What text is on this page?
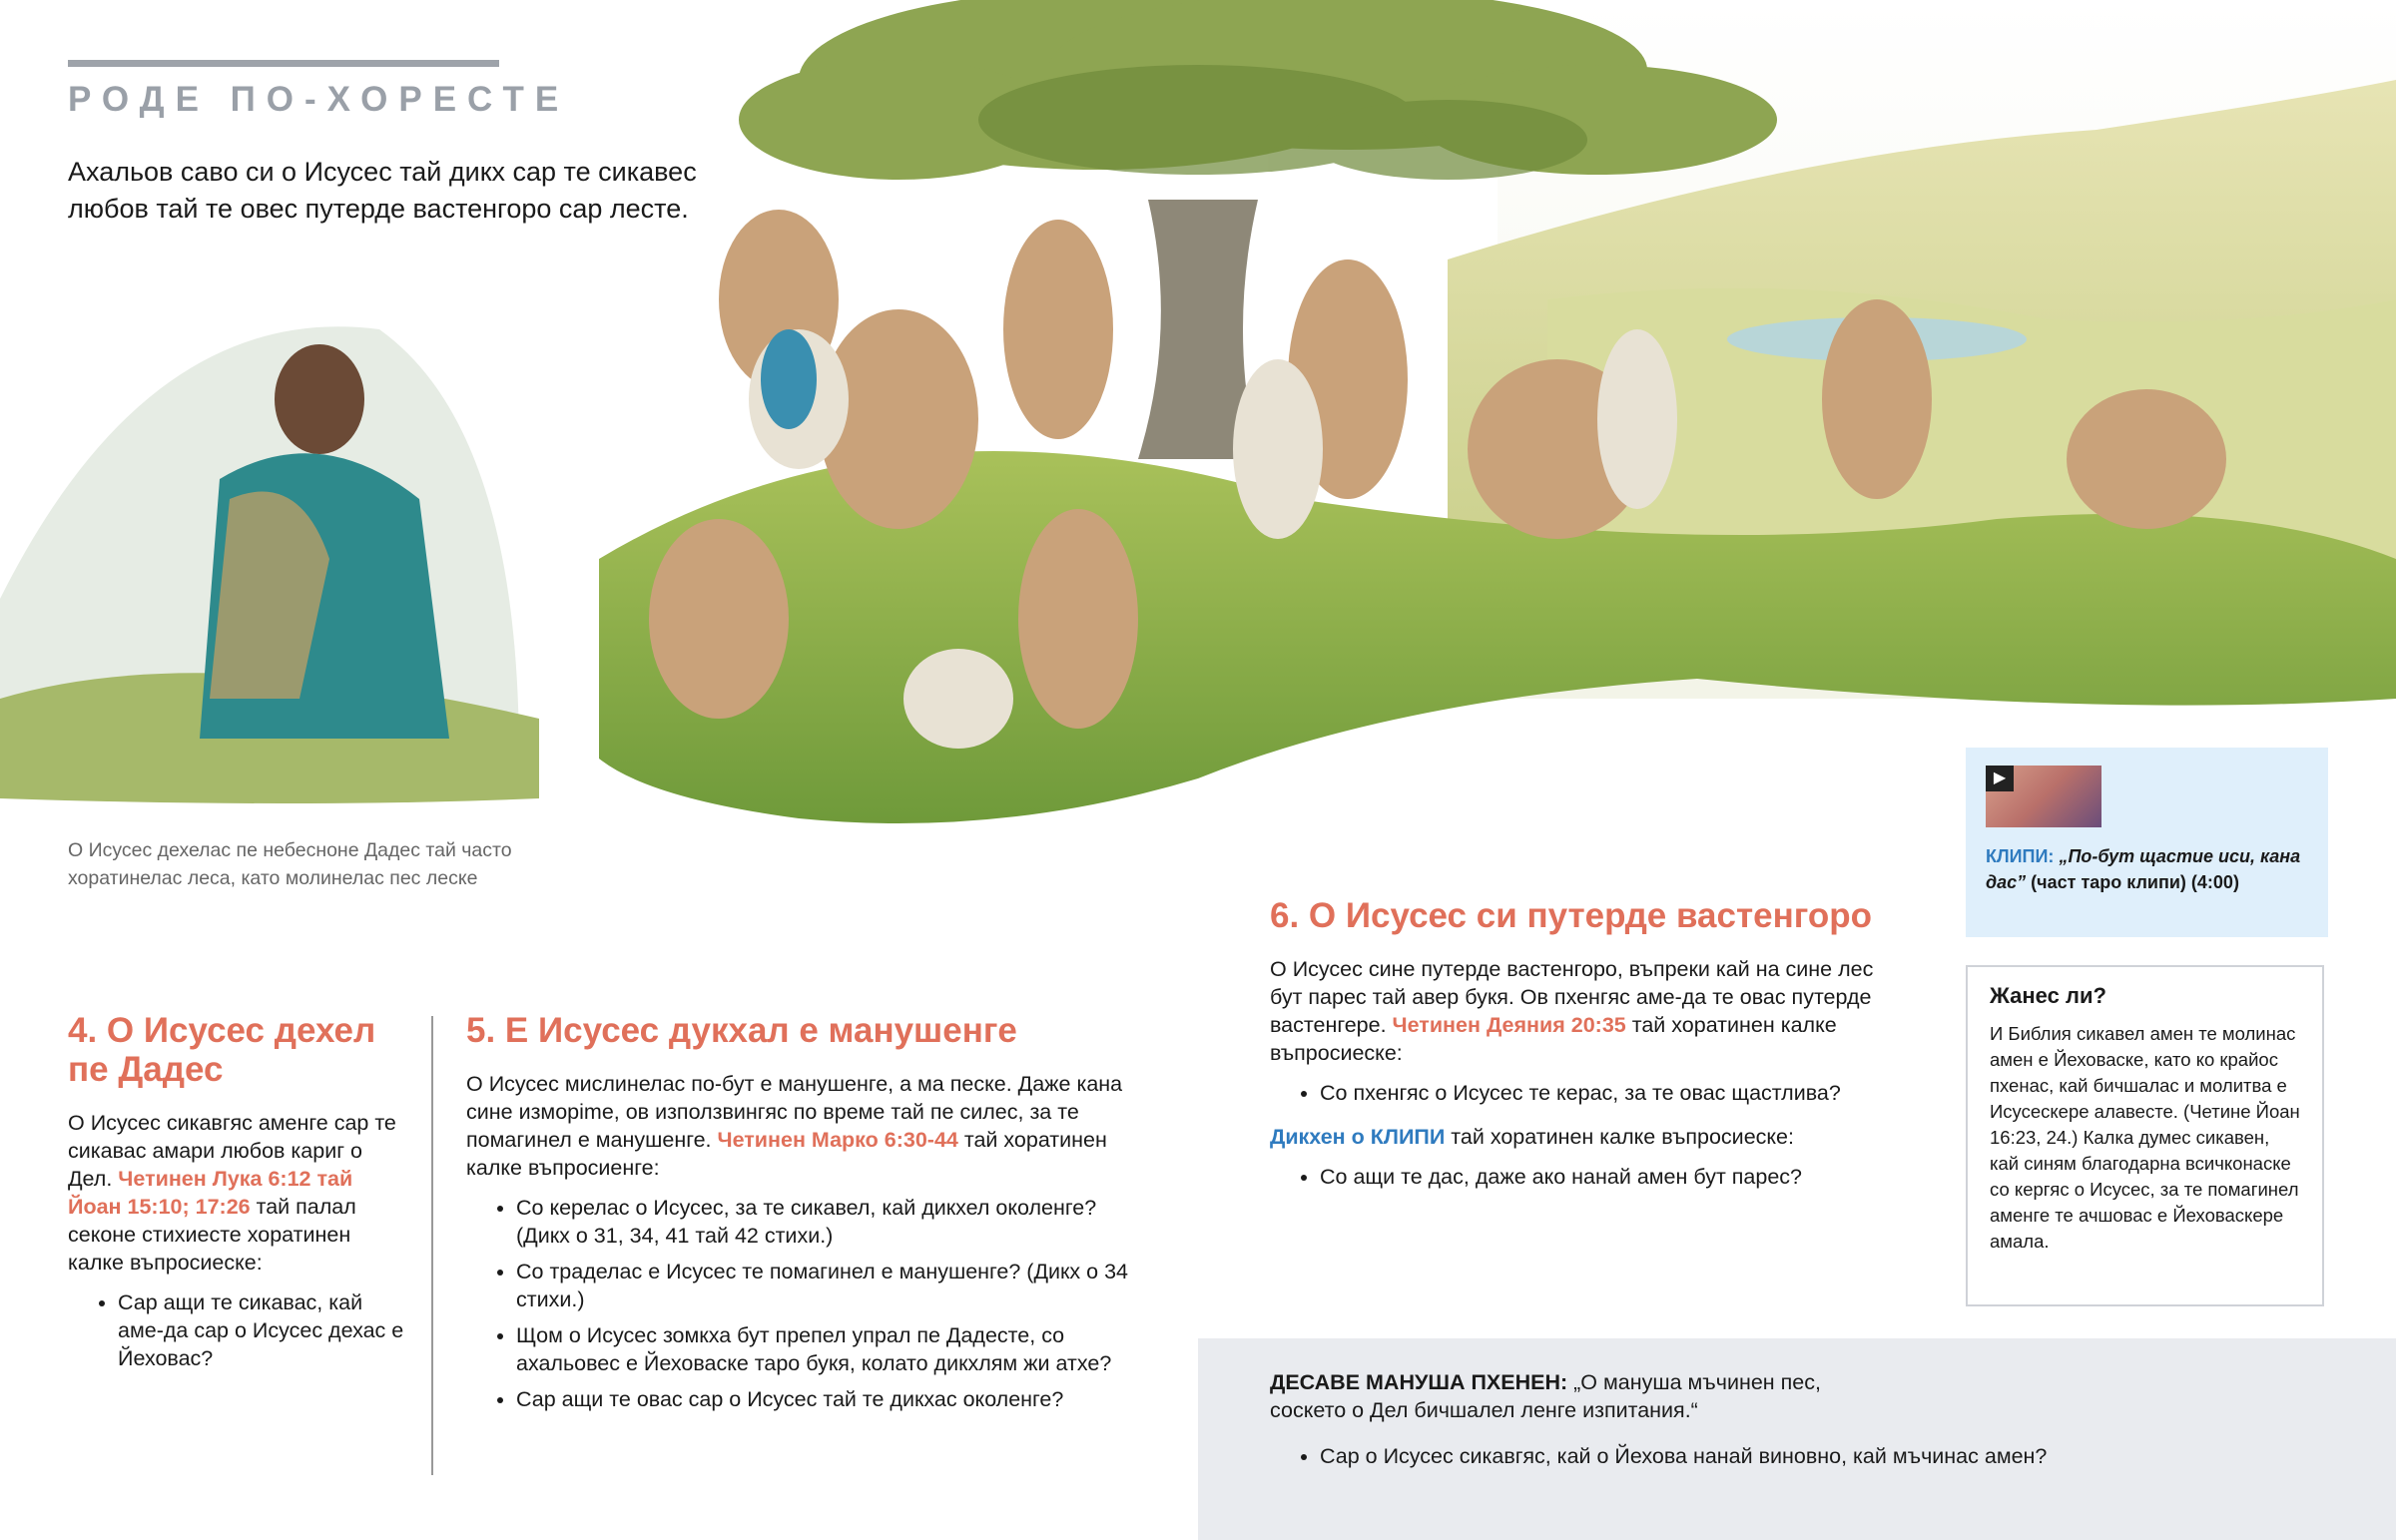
РОДЕ ПО-ХОРЕСТЕ
Ахальов саво си о Исусес тай дикх сар те сикавес любов тай те овес путерде вастенгоро сар лесте.
О Исусес дехелас пе небесноне Дадес тай часто хоратинелас леса, като молинелас пес леске
4. О Исусес дехел пе Дадес
О Исусес сикавгяс аменге сар те сикавас амари любов кариг о Дел. Четинен Лука 6:12 тай Йоан 15:10; 17:26 тай палал секоне стихиесте хоратинен калке въпросиеске:
• Сар ащи те сикавас, кай аме-да сар о Исусес дехас е Йеховас?
5. Е Исусес дукхал е манушенге
О Исусес мислинелас по-бут е манушенге, а ма песке. Даже кана сине изморime, ов използвингяс по време тай пе силес, за те помагинел е манушенге. Четинен Марко 6:30-44 тай хоратинен калке въпросиенге:
• Со керелас о Исусес, за те сикавел, кай дикхел околенге? (Дикх о 31, 34, 41 тай 42 стихи.)
• Со траделас е Исусес те помагинел е манушенге? (Дикх о 34 стихи.)
• Щом о Исусес зомкха бут препел упрал пе Дадесте, со ахальовес е Йеховаске таро букя, колато дикхлям жи атхе?
• Сар ащи те овас сар о Исусес тай те дикхас околенге?
6. О Исусес си путерде вастенгоро
О Исусес сине путерде вастенгоро, въпреки кай на сине лес бут парес тай авер букя. Ов пхенгяс аме-да те овас путерде вастенгере. Четинен Деяния 20:35 тай хоратинен калке въпросиеске:
• Со пхенгяс о Исусес те керас, за те овас щастлива?
Дикхен о КЛИПИ тай хоратинен калке въпросиеске:
• Со ащи те дас, даже ако нанай амен бут парес?
▶
КЛИПИ: „По-бут щастие иси, кана дас” (част таро клипи) (4:00)
Жанес ли?

И Библия сикавел амен те молинас амен е Йеховаске, като ко крайос пхенас, кай бичшалас и молитва е Исусескере алавесте. (Четине Йоан 16:23, 24.) Калка думес сикавен, кай синям благодарна всичконаске со кергяс о Исусес, за те помагинел аменге те ачшовас е Йеховаскере амала.

ДЕСАВЕ МАНУША ПХЕНЕН: „О мануша мъчинен пес, соскето о Дел бичшалел ленге изпитания.“
• Сар о Исусес сикавгяс, кай о Йехова нанай виновно, кай мъчинас амен?
